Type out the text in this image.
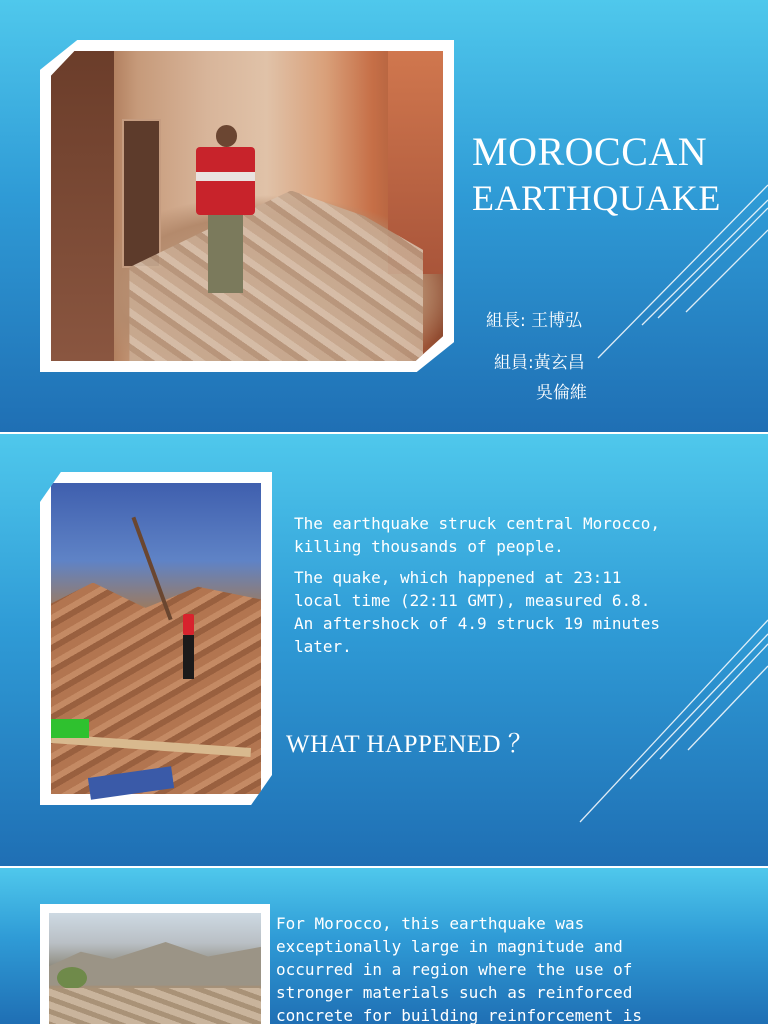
MOROCCAN
EARTHQUAKE
組長: 王博弘
組員:黃玄昌
吳倫維

The earthquake struck central Morocco, killing thousands of people.

The quake, which happened at 23:11 local time (22:11 GMT), measured 6.8. An aftershock of 4.9 struck 19 minutes later.

WHAT HAPPENED ？

For Morocco, this earthquake was exceptionally large in magnitude and occurred in a region where the use of stronger materials such as reinforced concrete for building reinforcement is
